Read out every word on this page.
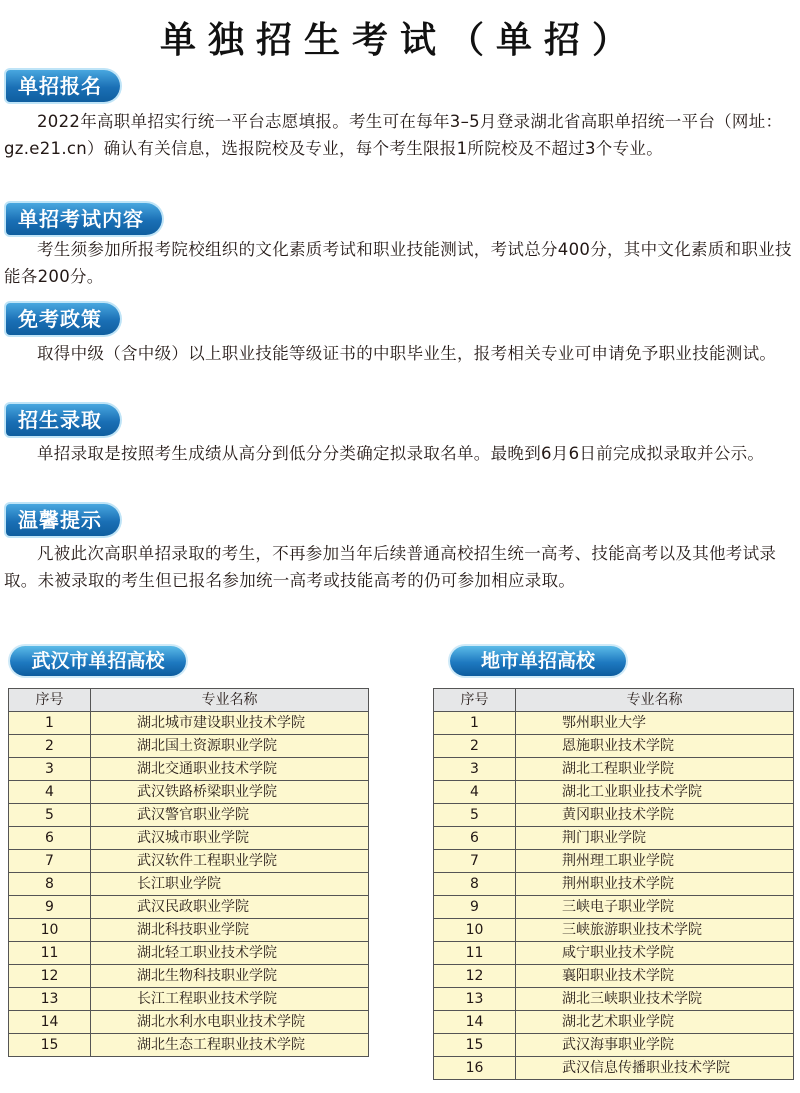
单独招生考试（单招）
单招报名

2022年高职单招实行统一平台志愿填报。考生可在每年3–5月登录湖北省高职单招统一平台（网址：gz.e21.cn）确认有关信息，选报院校及专业，每个考生限报1所院校及不超过3个专业。

单招考试内容

考生须参加所报考院校组织的文化素质考试和职业技能测试，考试总分400分，其中文化素质和职业技能各200分。

免考政策

取得中级（含中级）以上职业技能等级证书的中职毕业生，报考相关专业可申请免予职业技能测试。

招生录取

单招录取是按照考生成绩从高分到低分分类确定拟录取名单。最晚到6月6日前完成拟录取并公示。

温馨提示

凡被此次高职单招录取的考生，不再参加当年后续普通高校招生统一高考、技能高考以及其他考试录取。未被录取的考生但已报名参加统一高考或技能高考的仍可参加相应录取。

武汉市单招高校
序号	专业名称
1	湖北城市建设职业技术学院
2	湖北国土资源职业学院
3	湖北交通职业技术学院
4	武汉铁路桥梁职业学院
5	武汉警官职业学院
6	武汉城市职业学院
7	武汉软件工程职业学院
8	长江职业学院
9	武汉民政职业学院
10	湖北科技职业学院
11	湖北轻工职业技术学院
12	湖北生物科技职业学院
13	长江工程职业技术学院
14	湖北水利水电职业技术学院
15	湖北生态工程职业技术学院
地市单招高校
序号	专业名称
1	鄂州职业大学
2	恩施职业技术学院
3	湖北工程职业学院
4	湖北工业职业技术学院
5	黄冈职业技术学院
6	荆门职业学院
7	荆州理工职业学院
8	荆州职业技术学院
9	三峡电子职业学院
10	三峡旅游职业技术学院
11	咸宁职业技术学院
12	襄阳职业技术学院
13	湖北三峡职业技术学院
14	湖北艺术职业学院
15	武汉海事职业学院
16	武汉信息传播职业技术学院
